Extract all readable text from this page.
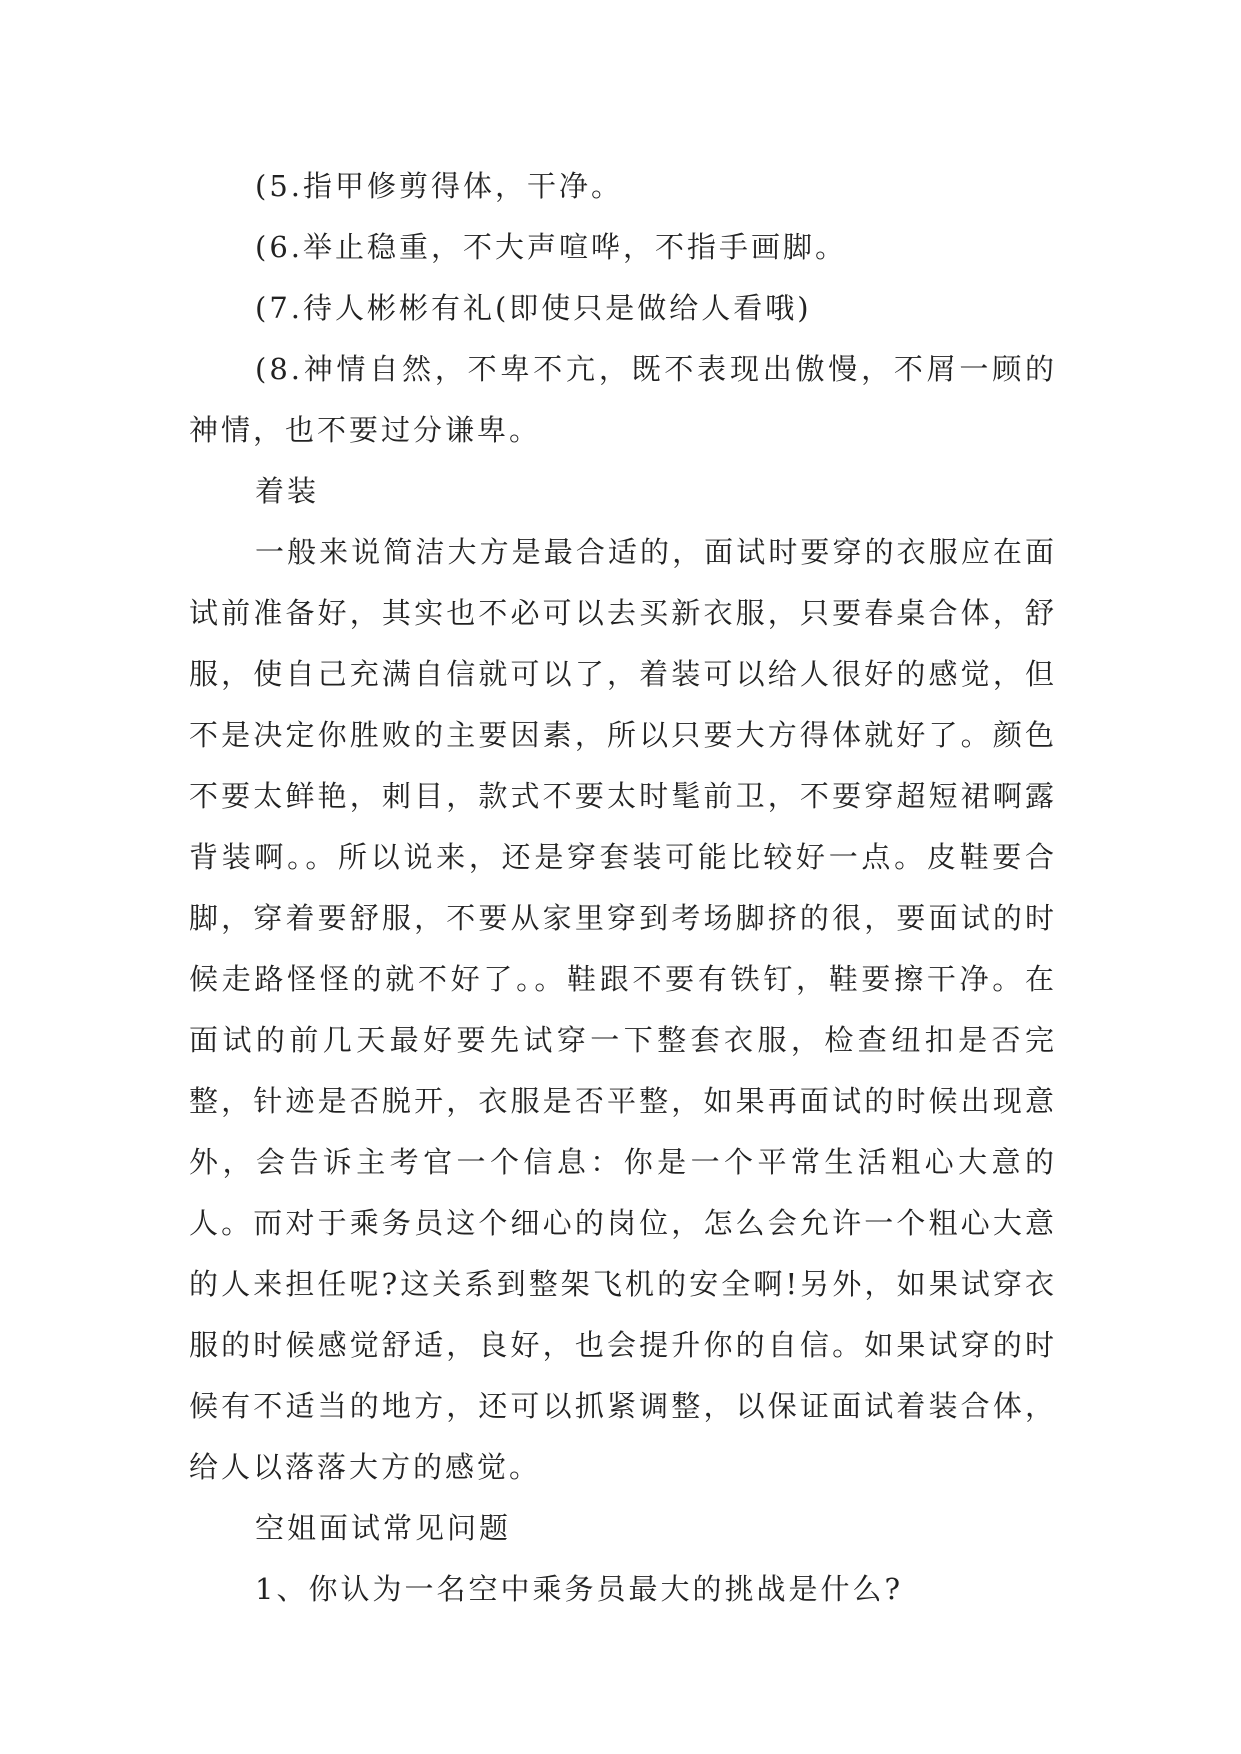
(5.指甲修剪得体，干净。

(6.举止稳重，不大声喧哗，不指手画脚。

(7.待人彬彬有礼(即使只是做给人看哦)

(8.神情自然，不卑不亢，既不表现出傲慢，不屑一顾的神情，也不要过分谦卑。

着装

一般来说简洁大方是最合适的，面试时要穿的衣服应在面试前准备好，其实也不必可以去买新衣服，只要春桌合体，舒服，使自己充满自信就可以了，着装可以给人很好的感觉，但不是决定你胜败的主要因素，所以只要大方得体就好了。颜色不要太鲜艳，刺目，款式不要太时髦前卫，不要穿超短裙啊露背装啊。。所以说来，还是穿套装可能比较好一点。皮鞋要合脚，穿着要舒服，不要从家里穿到考场脚挤的很，要面试的时候走路怪怪的就不好了。。鞋跟不要有铁钉，鞋要擦干净。在面试的前几天最好要先试穿一下整套衣服，检查纽扣是否完整，针迹是否脱开，衣服是否平整，如果再面试的时候出现意外，会告诉主考官一个信息：你是一个平常生活粗心大意的人。而对于乘务员这个细心的岗位，怎么会允许一个粗心大意的人来担任呢?这关系到整架飞机的安全啊!另外，如果试穿衣服的时候感觉舒适，良好，也会提升你的自信。如果试穿的时候有不适当的地方，还可以抓紧调整，以保证面试着装合体，给人以落落大方的感觉。

空姐面试常见问题

1、你认为一名空中乘务员最大的挑战是什么?
